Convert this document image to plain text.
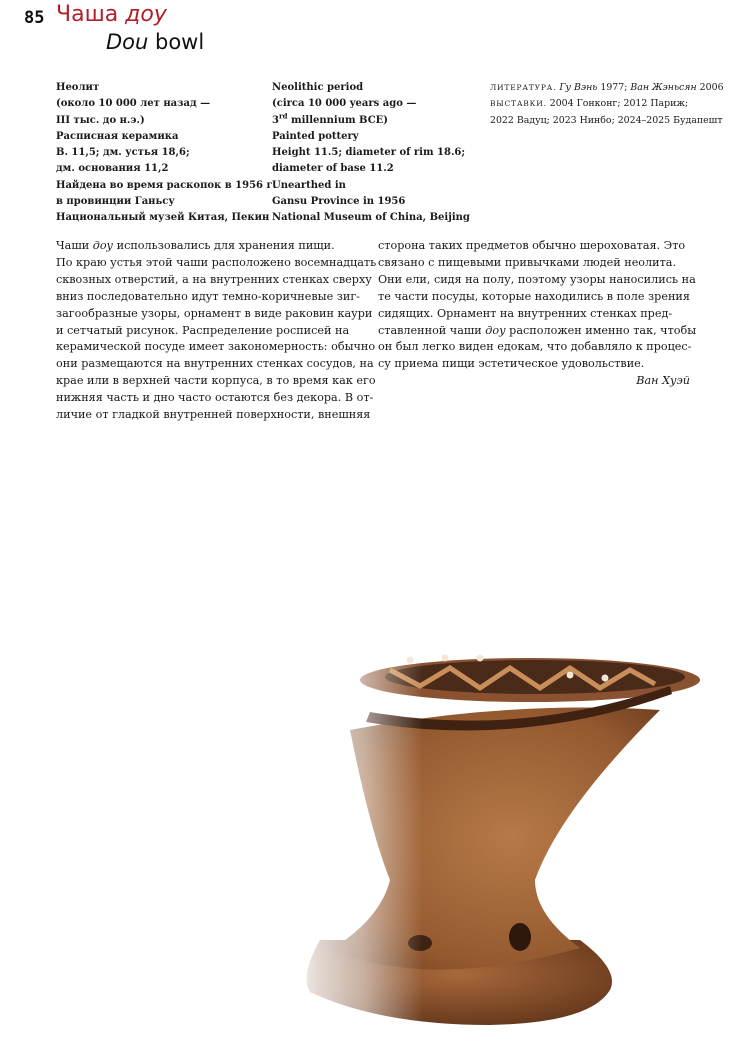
85 Чаша доу
Dou bowl
Неолит
(около 10 000 лет назад —
III тыс. до н.э.)
Расписная керамика
В. 11,5; дм. устья 18,6;
дм. основания 11,2
Найдена во время раскопок в 1956 г.
в провинции Ганьсу
Национальный музей Китая, Пекин
Neolithic period
(circa 10 000 years ago —
3rd millennium BCE)
Painted pottery
Height 11.5; diameter of rim 18.6;
diameter of base 11.2
Unearthed in
Gansu Province in 1956
National Museum of China, Beijing
ЛИТЕРАТУРА. Гу Вэнь 1977; Ван Жэньсян 2006
ВЫСТАВКИ. 2004 Гонконг; 2012 Париж;
2022 Вадуц; 2023 Нинбо; 2024–2025 Будапешт
Чаши доу использовались для хранения пищи.
По краю устья этой чаши расположено восемнадцать
сквозных отверстий, а на внутренних стенках сверху
вниз последовательно идут темно-коричневые зиг-
загообразные узоры, орнамент в виде раковин каури
и сетчатый рисунок. Распределение росписей на
керамической посуде имеет закономерность: обычно
они размещаются на внутренних стенках сосудов, на
крае или в верхней части корпуса, в то время как его
нижняя часть и дно часто остаются без декора. В от-
личие от гладкой внутренней поверхности, внешняя
сторона таких предметов обычно шероховатая. Это
связано с пищевыми привычками людей неолита.
Они ели, сидя на полу, поэтому узоры наносились на
те части посуды, которые находились в поле зрения
сидящих. Орнамент на внутренних стенках пред-
ставленной чаши доу расположен именно так, чтобы
он был легко виден едокам, что добавляло к процес-
су приема пищи эстетическое удовольствие.
Ван Хуэй
